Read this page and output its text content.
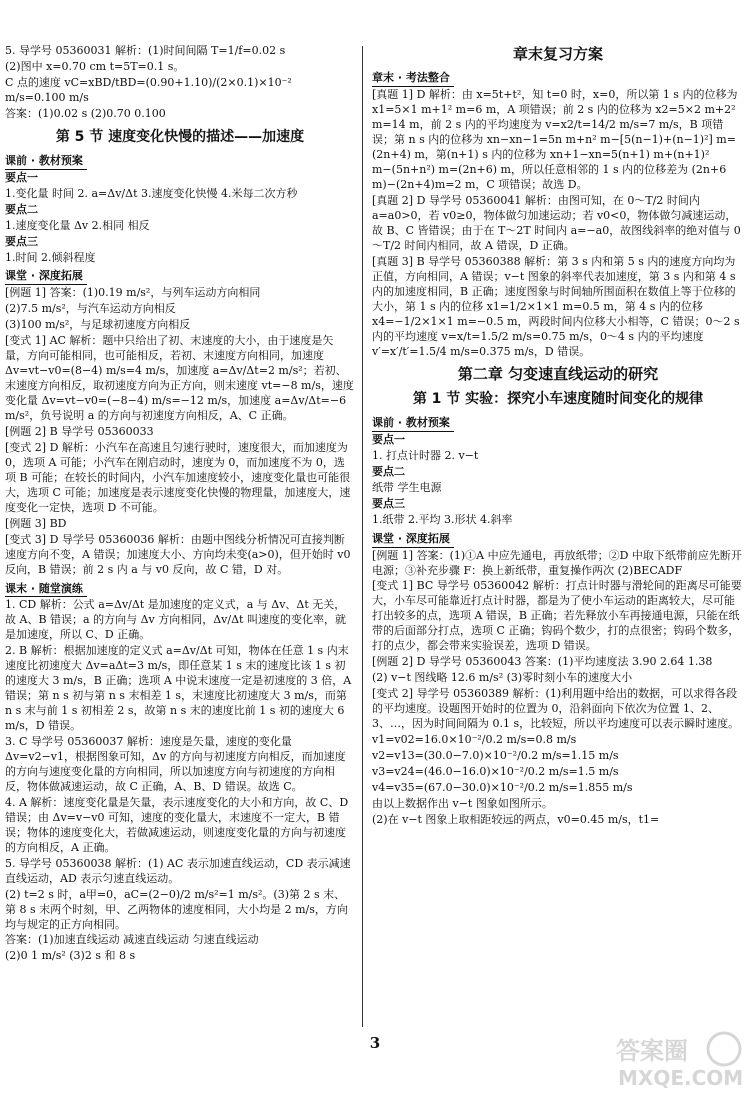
5. 导学号 05360031 解析：(1)时间间隔 T=1/f=0.02 s

(2)图中 x=0.70 cm t=5T=0.1 s。

C 点的速度 vC=xBD/tBD=(0.90+1.10)/(2×0.1)×10⁻² m/s=0.100 m/s

答案：(1)0.02 s (2)0.70 0.100

第 5 节 速度变化快慢的描述——加速度

课前 · 教材预案

要点一

1.变化量 时间 2. a=Δv/Δt 3.速度变化快慢 4.米每二次方秒

要点二

1.速度变化量 Δv 2.相同 相反

要点三

1.时间 2.倾斜程度

课堂 · 深度拓展

[例题 1] 答案：(1)0.19 m/s²，与列车运动方向相同

(2)7.5 m/s²，与汽车运动方向相反

(3)100 m/s²，与足球初速度方向相反

[变式 1] AC 解析：题中只给出了初、末速度的大小，由于速度是矢量，方向可能相同，也可能相反，若初、末速度方向相同，加速度 Δv=vt−v0=(8−4) m/s=4 m/s，加速度 a=Δv/Δt=2 m/s²；若初、末速度方向相反，取初速度方向为正方向，则末速度 vt=−8 m/s，速度变化量 Δv=vt−v0=(−8−4) m/s=−12 m/s，加速度 a=Δv/Δt=−6 m/s²，负号说明 a 的方向与初速度方向相反，A、C 正确。

[例题 2] B 导学号 05360033

[变式 2] D 解析：小汽车在高速且匀速行驶时，速度很大，而加速度为 0，选项 A 可能；小汽车在刚启动时，速度为 0，而加速度不为 0，选项 B 可能；在较长的时间内，小汽车加速度较小，速度变化量也可能很大，选项 C 可能；加速度是表示速度变化快慢的物理量，加速度大，速度变化一定快，选项 D 不可能。

[例题 3] BD

[变式 3] D 导学号 05360036 解析：由题中图线分析情况可直接判断速度方向不变，A 错误；加速度大小、方向均未变(a>0)，但开始时 v0 反向，B 错误；前 2 s 内 a 与 v0 反向，故 C 错，D 对。

课末 · 随堂演练

1. CD 解析：公式 a=Δv/Δt 是加速度的定义式，a 与 Δv、Δt 无关，故 A、B 错误；a 的方向与 Δv 方向相同，Δv/Δt 叫速度的变化率，就是加速度，所以 C、D 正确。

2. B 解析：根据加速度的定义式 a=Δv/Δt 可知，物体在任意 1 s 内末速度比初速度大 Δv=aΔt=3 m/s，即任意某 1 s 末的速度比该 1 s 初的速度大 3 m/s，B 正确；选项 A 中说末速度一定是初速度的 3 倍，A 错误；第 n s 初与第 n s 末相差 1 s，末速度比初速度大 3 m/s，而第 n s 末与前 1 s 初相差 2 s，故第 n s 末的速度比前 1 s 初的速度大 6 m/s，D 错误。

3. C 导学号 05360037 解析：速度是矢量，速度的变化量 Δv=v2−v1，根据图象可知，Δv 的方向与初速度方向相反，而加速度的方向与速度变化量的方向相同，所以加速度方向与初速度的方向相反，物体做减速运动，故 C 正确，A、B、D 错误。故选 C。

4. A 解析：速度变化量是矢量，表示速度变化的大小和方向，故 C、D 错误；由 Δv=v−v0 可知，速度的变化量大，末速度不一定大，B 错误；物体的速度变化大，若做减速运动，则速度变化量的方向与初速度的方向相反，A 正确。

5. 导学号 05360038 解析：(1) AC 表示加速直线运动，CD 表示减速直线运动，AD 表示匀速直线运动。

(2) t=2 s 时，a甲=0，aC=(2−0)/2 m/s²=1 m/s²。(3)第 2 s 末、第 8 s 末两个时刻，甲、乙两物体的速度相同，大小均是 2 m/s，方向均与规定的正方向相同。

答案：(1)加速直线运动 减速直线运动 匀速直线运动

(2)0 1 m/s² (3)2 s 和 8 s

章末复习方案

章末 · 考法整合

[真题 1] D 解析：由 x=5t+t²，知 t=0 时，x=0，所以第 1 s 内的位移为 x1=5×1 m+1² m=6 m，A 项错误；前 2 s 内的位移为 x2=5×2 m+2² m=14 m，前 2 s 内的平均速度为 v=x2/t=14/2 m/s=7 m/s，B 项错误；第 n s 内的位移为 xn−xn−1=5n m+n² m−[5(n−1)+(n−1)²] m=(2n+4) m，第(n+1) s 内的位移为 xn+1−xn=5(n+1) m+(n+1)² m−(5n+n²) m=(2n+6) m，所以任意相邻的 1 s 内的位移差为 (2n+6 m)−(2n+4)m=2 m，C 项错误；故选 D。

[真题 2] D 导学号 05360041 解析：由图可知，在 0～T/2 时间内 a=a0>0，若 v0≥0，物体做匀加速运动；若 v0<0，物体做匀减速运动，故 B、C 皆错误；由于在 T～2T 时间内 a=−a0，故图线斜率的绝对值与 0～T/2 时间内相同，故 A 错误，D 正确。

[真题 3] B 导学号 05360388 解析：第 3 s 内和第 5 s 内的速度方向均为正值，方向相同，A 错误；v−t 图象的斜率代表加速度，第 3 s 内和第 4 s 内的加速度相同，B 正确；速度图象与时间轴所围面积在数值上等于位移的大小，第 1 s 内的位移 x1=1/2×1×1 m=0.5 m，第 4 s 内的位移 x4=−1/2×1×1 m=−0.5 m，两段时间内位移大小相等，C 错误；0～2 s 内的平均速度 v=x/t=1.5/2 m/s=0.75 m/s，0～4 s 内的平均速度 v′=x′/t′=1.5/4 m/s=0.375 m/s，D 错误。

第二章 匀变速直线运动的研究

第 1 节 实验：探究小车速度随时间变化的规律

课前 · 教材预案

要点一

1. 打点计时器 2. v−t

要点二

纸带 学生电源

要点三

1.纸带 2.平均 3.形状 4.斜率

课堂 · 深度拓展

[例题 1] 答案：(1)①A 中应先通电，再放纸带；②D 中取下纸带前应先断开电源；③补充步骤 F：换上新纸带，重复操作两次 (2)BECADF

[变式 1] BC 导学号 05360042 解析：打点计时器与滑轮间的距离尽可能要大，小车尽可能靠近打点计时器，都是为了使小车运动的距离较大，尽可能打出较多的点，选项 A 错误，B 正确；若先释放小车再接通电源，只能在纸带的后面部分打点，选项 C 正确；钩码个数少，打的点很密；钩码个数多，打的点少，都会带来实验误差，选项 D 错误。

[例题 2] D 导学号 05360043 答案：(1)平均速度法 3.90 2.64 1.38

(2) v−t 图线略 12.6 m/s² (3)零时刻小车的速度大小

[变式 2] 导学号 05360389 解析：(1)利用题中给出的数据，可以求得各段的平均速度。设题图开始时的位置为 0，沿斜面向下依次为位置 1、2、3、…，因为时间间隔为 0.1 s，比较短，所以平均速度可以表示瞬时速度。

v1=v02=16.0×10⁻²/0.2 m/s=0.8 m/s

v2=v13=(30.0−7.0)×10⁻²/0.2 m/s=1.15 m/s

v3=v24=(46.0−16.0)×10⁻²/0.2 m/s=1.5 m/s

v4=v35=(67.0−30.0)×10⁻²/0.2 m/s=1.855 m/s

由以上数据作出 v−t 图象如图所示。

(2)在 v−t 图象上取相距较远的两点，v0=0.45 m/s，t1=

3	答案圈
MXQE.COM
